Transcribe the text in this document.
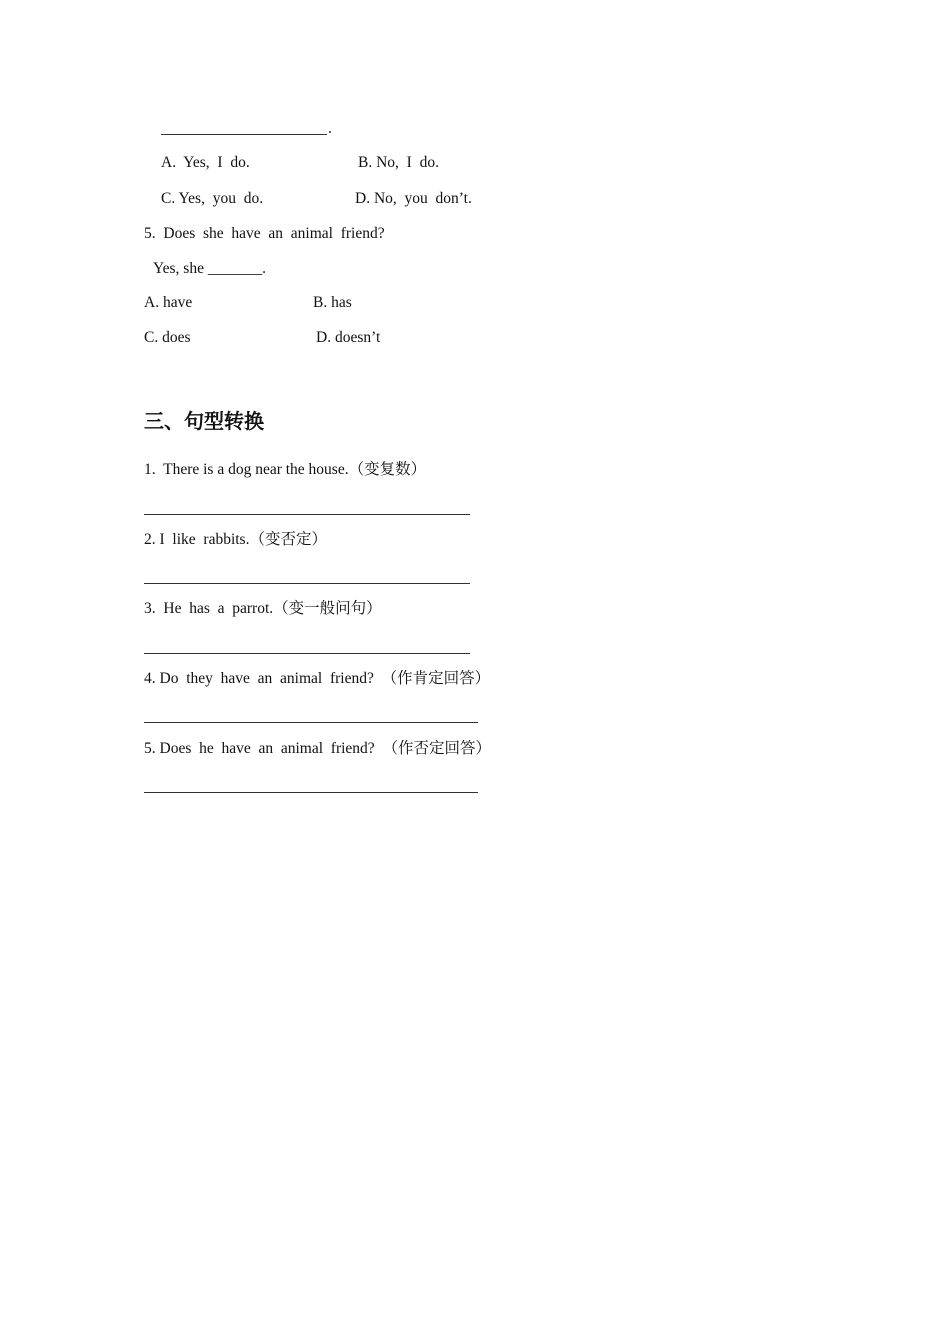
.
A.  Yes,  I  do.	B. No,  I  do.
C. Yes,  you  do.	D. No,  you  don’t.
5.  Does  she  have  an  animal  friend?
Yes, she _______.
A. have	B. has
C. does	D. doesn’t
三、句型转换
1.  There is a dog near the house.（变复数）
2. I  like  rabbits.（变否定）
3.  He  has  a  parrot.（变一般问句）
4. Do  they  have  an  animal  friend?  （作肯定回答）
5. Does  he  have  an  animal  friend?  （作否定回答）
